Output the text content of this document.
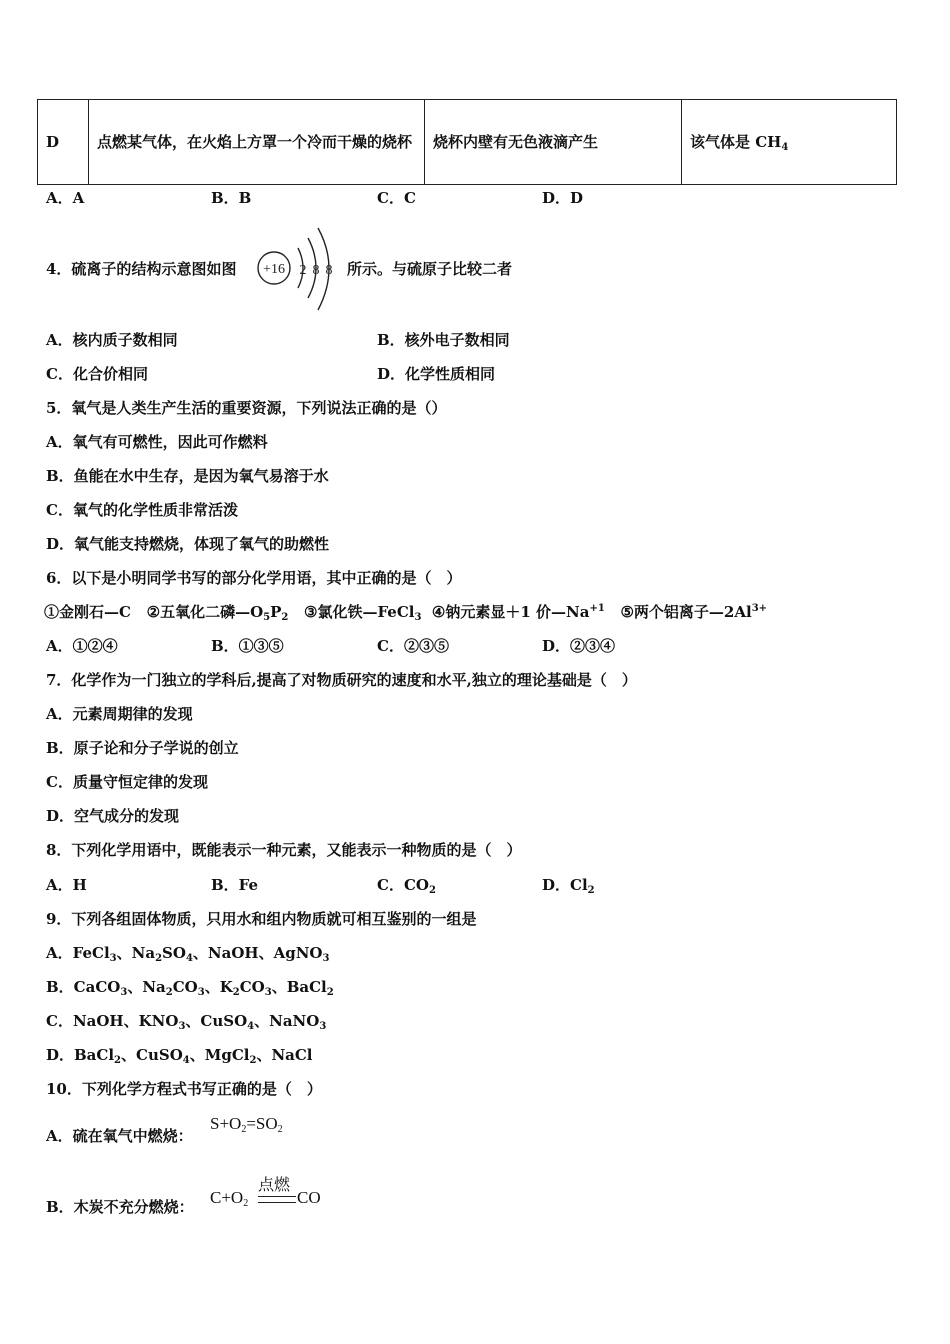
D	点燃某气体，在火焰上方罩一个冷而干燥的烧杯	烧杯内壁有无色液滴产生	该气体是 $CH_4$
A．A	B．B	C．C	D．D
4．硫离子的结构示意图如图 +16 2 8 8 所示。与硫原子比较二者
A．核内质子数相同	B．核外电子数相同
C．化合价相同	D．化学性质相同
5．氧气是人类生产生活的重要资源，下列说法正确的是（）
A．氧气有可燃性，因此可作燃料
B．鱼能在水中生存，是因为氧气易溶于水
C．氧气的化学性质非常活泼
D．氧气能支持燃烧，体现了氧气的助燃性
6．以下是小明同学书写的部分化学用语，其中正确的是（　）
①金刚石—C ②五氧化二磷$—O_5P_2$ ③氯化铁—FeCl$_3$ ④钠元素显＋1 价$—Na^{+1}$ ⑤两个铝离子$—2Al^{3+}$
A．①②④	B．①③⑤	C．②③⑤	D．②③④
7．化学作为一门独立的学科后,提高了对物质研究的速度和水平,独立的理论基础是（　）
A．元素周期律的发现
B．原子论和分子学说的创立
C．质量守恒定律的发现
D．空气成分的发现
8．下列化学用语中，既能表示一种元素，又能表示一种物质的是（　）
A．H	B．Fe	C．$CO_2$	D．$Cl_2$
9．下列各组固体物质，只用水和组内物质就可相互鉴别的一组是
A．FeCl$_3$、$Na_2SO_4$、NaOH、AgNO$_3$
B．CaCO$_3$、$Na_2CO_3$、$K_2CO_3$、BaCl$_2$
C．NaOH、$KNO_3$、CuSO$_4$、NaNO$_3$
D．BaCl$_2$、CuSO$_4$、MgCl$_2$、NaCl
10．下列化学方程式书写正确的是（　）
A．硫在氧气中燃烧：
$S+O_2=SO_2$
B．木炭不充分燃烧： $C+O_2$
点燃
CO
